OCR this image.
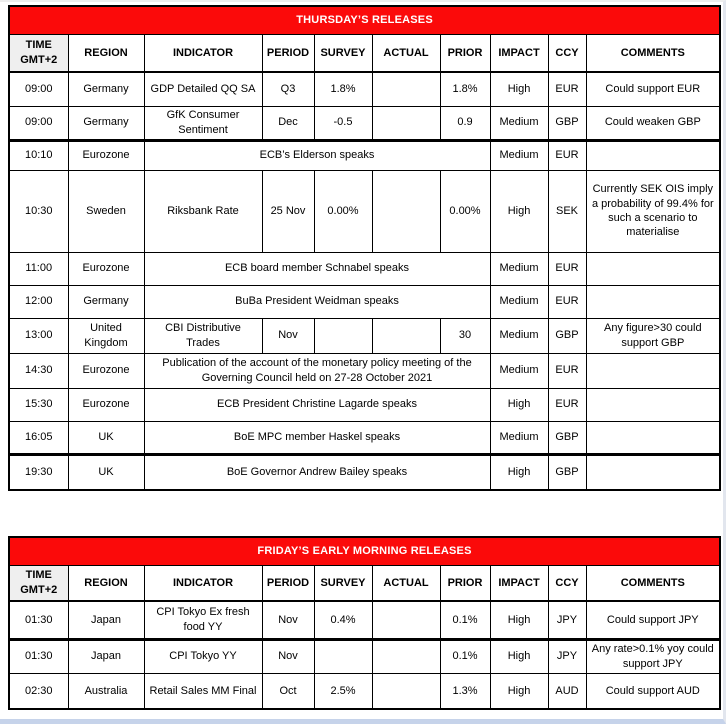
THURSDAY’S RELEASES									
TIME GMT+2	REGION	INDICATOR	PERIOD	SURVEY	ACTUAL	PRIOR	IMPACT	CCY	COMMENTS
09:00	Germany	GDP Detailed QQ SA	Q3	1.8%		1.8%	High	EUR	Could support EUR
09:00	Germany	GfK Consumer Sentiment	Dec	-0.5		0.9	Medium	GBP	Could weaken GBP
10:10	Eurozone	ECB’s Elderson speaks					Medium	EUR	
10:30	Sweden	Riksbank Rate	25 Nov	0.00%		0.00%	High	SEK	Currently SEK OIS imply a probability of 99.4% for such a scenario to materialise
11:00	Eurozone	ECB board member Schnabel speaks					Medium	EUR	
12:00	Germany	BuBa President Weidman speaks					Medium	EUR	
13:00	United Kingdom	CBI Distributive Trades	Nov			30	Medium	GBP	Any figure>30 could support GBP
14:30	Eurozone	Publication of the account of the monetary policy meeting of the Governing Council held on 27-28 October 2021					Medium	EUR	
15:30	Eurozone	ECB President Christine Lagarde speaks					High	EUR	
16:05	UK	BoE MPC member Haskel speaks					Medium	GBP	
19:30	UK	BoE Governor Andrew Bailey speaks					High	GBP	
FRIDAY’S EARLY MORNING RELEASES									
TIME GMT+2	REGION	INDICATOR	PERIOD	SURVEY	ACTUAL	PRIOR	IMPACT	CCY	COMMENTS
01:30	Japan	CPI Tokyo Ex fresh food YY	Nov	0.4%		0.1%	High	JPY	Could support JPY
01:30	Japan	CPI Tokyo YY	Nov			0.1%	High	JPY	Any rate>0.1% yoy could support JPY
02:30	Australia	Retail Sales MM Final	Oct	2.5%		1.3%	High	AUD	Could support AUD
